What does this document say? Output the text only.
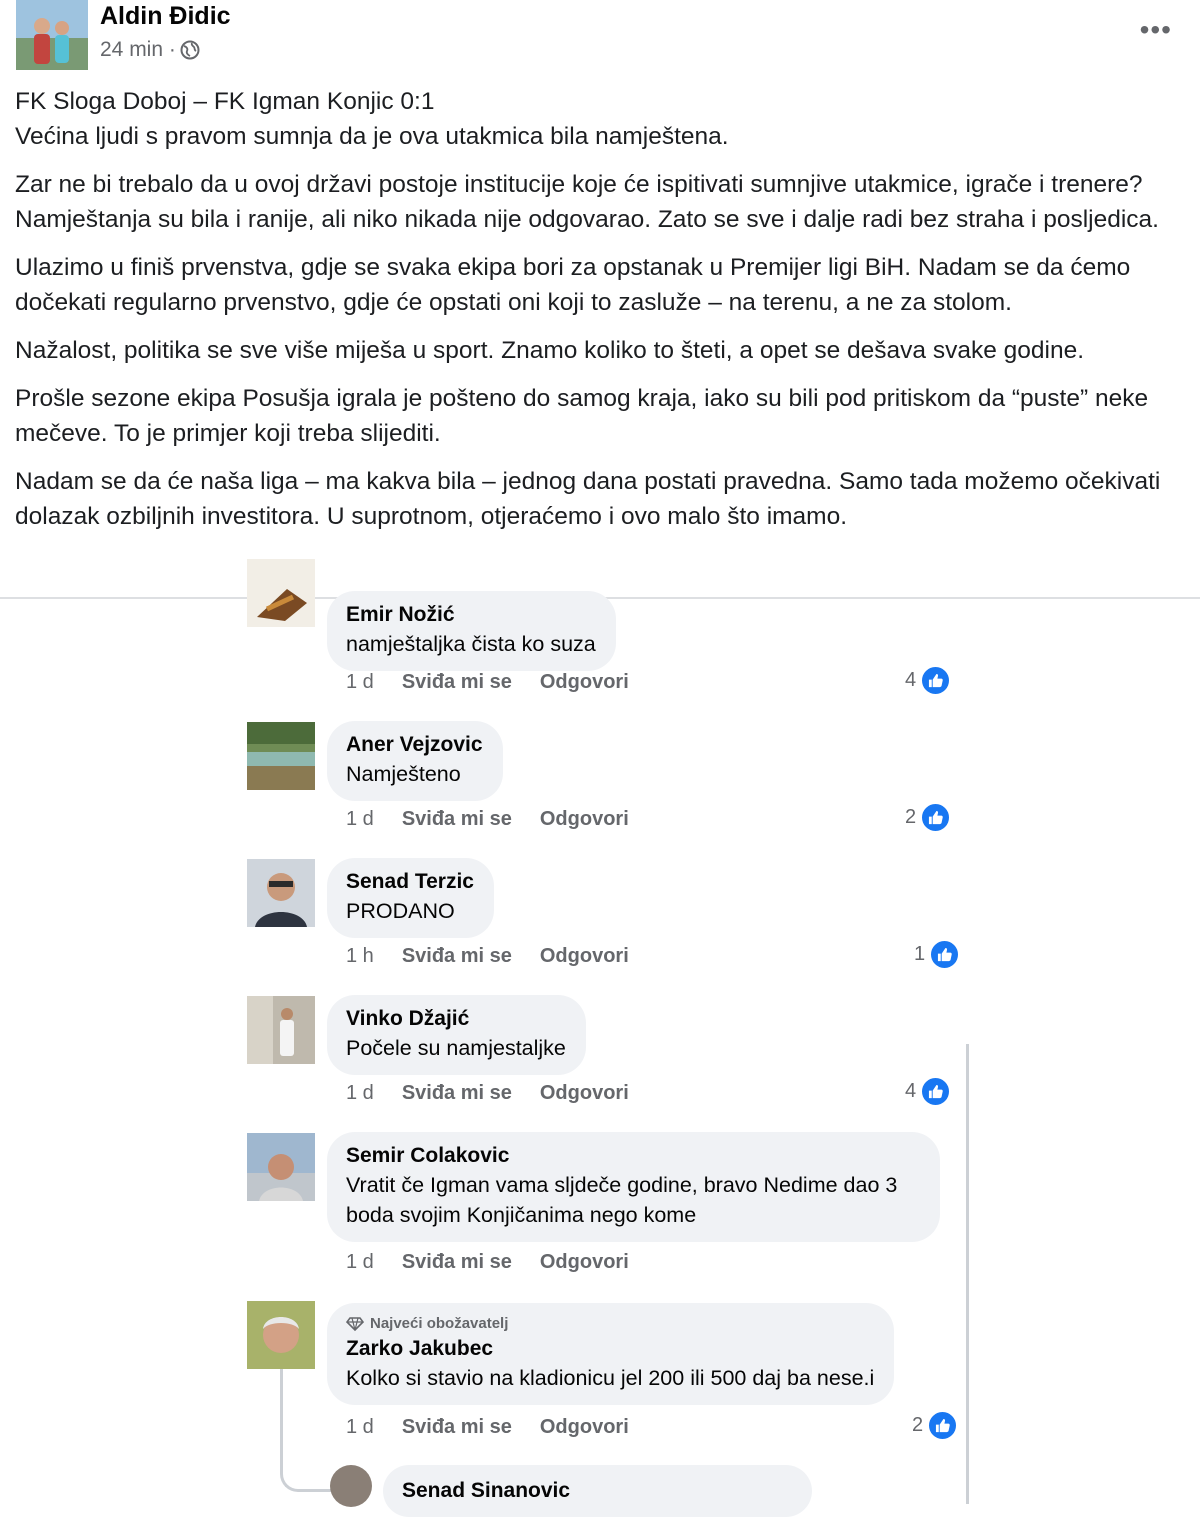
Aldin Đidic
24 min ·
•••

FK Sloga Doboj – FK Igman Konjic 0:1
Većina ljudi s pravom sumnja da je ova utakmica bila namještena.

Zar ne bi trebalo da u ovoj državi postoje institucije koje će ispitivati sumnjive utakmice, igrače i trenere? Namještanja su bila i ranije, ali niko nikada nije odgovarao. Zato se sve i dalje radi bez straha i posljedica.

Ulazimo u finiš prvenstva, gdje se svaka ekipa bori za opstanak u Premijer ligi BiH. Nadam se da ćemo dočekati regularno prvenstvo, gdje će opstati oni koji to zasluže – na terenu, a ne za stolom.

Nažalost, politika se sve više miješa u sport. Znamo koliko to šteti, a opet se dešava svake godine.

Prošle sezone ekipa Posušja igrala je pošteno do samog kraja, iako su bili pod pritiskom da “puste” neke mečeve. To je primjer koji treba slijediti.

Nadam se da će naša liga – ma kakva bila – jednog dana postati pravedna. Samo tada možemo očekivati dolazak ozbiljnih investitora. U suprotnom, otjeraćemo i ovo malo što imamo.

Emir Nožić
namještaljka čista ko suza
1 d Sviđa mi se Odgovori	4
Aner Vejzovic
Namješteno
1 d Sviđa mi se Odgovori	2
Senad Terzic
PRODANO
1 h Sviđa mi se Odgovori	1
Vinko Džajić
Počele su namjestaljke
1 d Sviđa mi se Odgovori	4
Semir Colakovic
Vratit če Igman vama sljdeče godine, bravo Nedime dao 3 boda svojim Konjičanima nego kome
1 d Sviđa mi se Odgovori
Najveći obožavatelj
Zarko Jakubec
Kolko si stavio na kladionicu jel 200 ili 500 daj ba nese.i
1 d Sviđa mi se Odgovori	2
Senad Sinanovic
